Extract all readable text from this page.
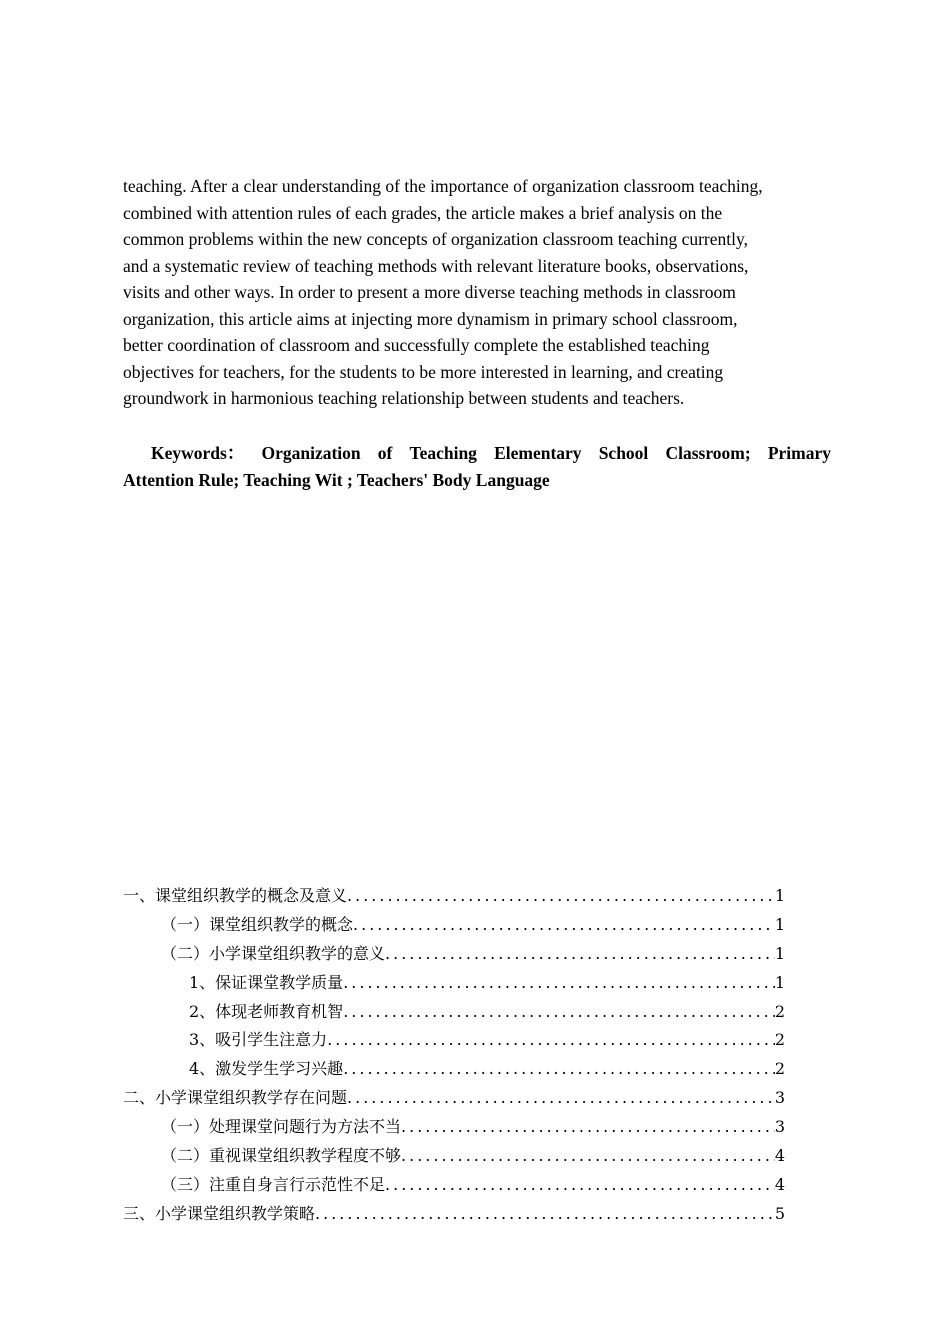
teaching. After a clear understanding of the importance of organization classroom teaching,
combined with attention rules of each grades, the article makes a brief analysis on the
common problems within the new concepts of organization classroom teaching currently,
and a systematic review of teaching methods with relevant literature books, observations,
visits and other ways. In order to present a more diverse teaching methods in classroom
organization, this article aims at injecting more dynamism in primary school classroom,
better coordination of classroom and successfully complete the established teaching
objectives for teachers, for the students to be more interested in learning, and creating
groundwork in harmonious teaching relationship between students and teachers.
Keywords： Organization of Teaching Elementary School Classroom; Primary
Attention Rule; Teaching Wit ; Teachers' Body Language
一、课堂组织教学的概念及意义 .....	1
（一）课堂组织教学的概念 .....	1
（二）小学课堂组织教学的意义 .....	1
1、保证课堂教学质量 .....	1
2、体现老师教育机智 .....	2
3、吸引学生注意力 .....	2
4、激发学生学习兴趣 .....	2
二、小学课堂组织教学存在问题 .....	3
（一）处理课堂问题行为方法不当 .....	3
（二）重视课堂组织教学程度不够 .....	4
（三）注重自身言行示范性不足 .....	4
三、小学课堂组织教学策略 .....	5
